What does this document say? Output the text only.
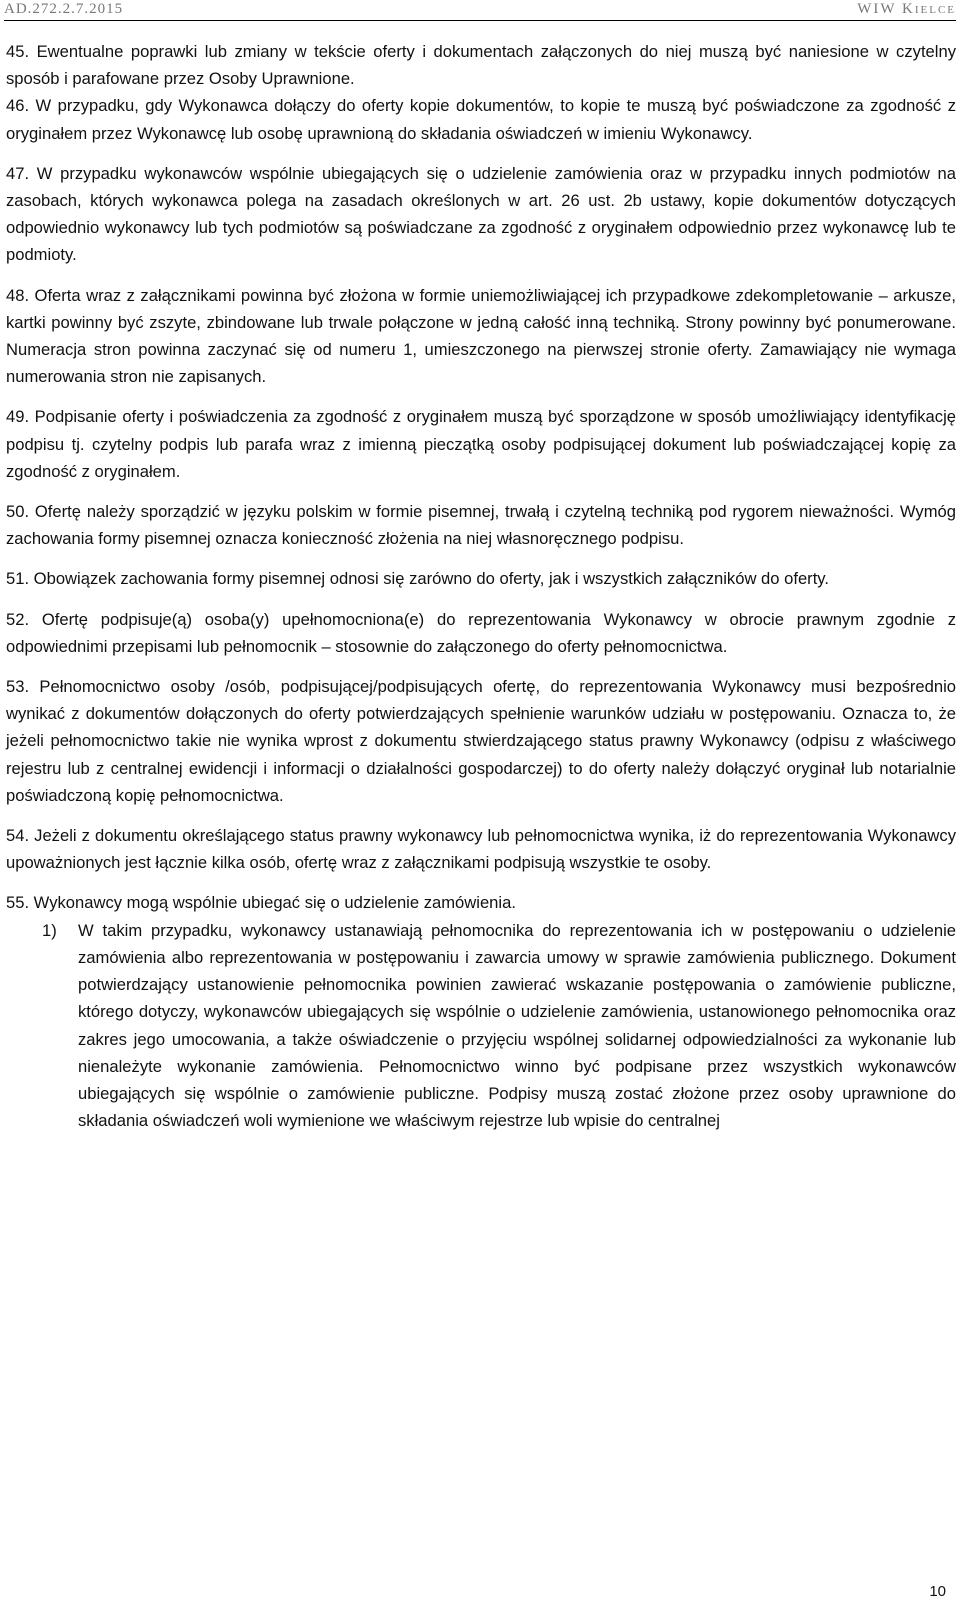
AD.272.2.7.2015	WIW Kielce

45. Ewentualne poprawki lub zmiany w tekście oferty i dokumentach załączonych do niej muszą być naniesione w czytelny sposób i parafowane przez Osoby Uprawnione.

46. W przypadku, gdy Wykonawca dołączy do oferty kopie dokumentów, to kopie te muszą być poświadczone za zgodność z oryginałem przez Wykonawcę lub osobę uprawnioną do składania oświadczeń w imieniu Wykonawcy.

47. W przypadku wykonawców wspólnie ubiegających się o udzielenie zamówienia oraz w przypadku innych podmiotów na zasobach, których wykonawca polega na zasadach określonych w art. 26 ust. 2b ustawy, kopie dokumentów dotyczących odpowiednio wykonawcy lub tych podmiotów są poświadczane za zgodność z oryginałem odpowiednio przez wykonawcę lub te podmioty.

48. Oferta wraz z załącznikami powinna być złożona w formie uniemożliwiającej ich przypadkowe zdekompletowanie – arkusze, kartki powinny być zszyte, zbindowane lub trwale połączone w jedną całość inną techniką. Strony powinny być ponumerowane. Numeracja stron powinna zaczynać się od numeru 1, umieszczonego na pierwszej stronie oferty. Zamawiający nie wymaga numerowania stron nie zapisanych.

49. Podpisanie oferty i poświadczenia za zgodność z oryginałem muszą być sporządzone w sposób umożliwiający identyfikację podpisu tj. czytelny podpis lub parafa wraz z imienną pieczątką osoby podpisującej dokument lub poświadczającej kopię za zgodność z oryginałem.

50. Ofertę należy sporządzić w języku polskim w formie pisemnej, trwałą i czytelną techniką pod rygorem nieważności. Wymóg zachowania formy pisemnej oznacza konieczność złożenia na niej własnoręcznego podpisu.

51. Obowiązek zachowania formy pisemnej odnosi się zarówno do oferty, jak i wszystkich załączników do oferty.

52. Ofertę podpisuje(ą) osoba(y) upełnomocniona(e) do reprezentowania Wykonawcy w obrocie prawnym zgodnie z odpowiednimi przepisami lub pełnomocnik – stosownie do załączonego do oferty pełnomocnictwa.

53. Pełnomocnictwo osoby /osób, podpisującej/podpisujących ofertę, do reprezentowania Wykonawcy musi bezpośrednio wynikać z dokumentów dołączonych do oferty potwierdzających spełnienie warunków udziału w postępowaniu. Oznacza to, że jeżeli pełnomocnictwo takie nie wynika wprost z dokumentu stwierdzającego status prawny Wykonawcy (odpisu z właściwego rejestru lub z centralnej ewidencji i informacji o działalności gospodarczej) to do oferty należy dołączyć oryginał lub notarialnie poświadczoną kopię pełnomocnictwa.

54. Jeżeli z dokumentu określającego status prawny wykonawcy lub pełnomocnictwa wynika, iż do reprezentowania Wykonawcy upoważnionych jest łącznie kilka osób, ofertę wraz z załącznikami podpisują wszystkie te osoby.

55. Wykonawcy mogą wspólnie ubiegać się o udzielenie zamówienia.

1) W takim przypadku, wykonawcy ustanawiają pełnomocnika do reprezentowania ich w postępowaniu o udzielenie zamówienia albo reprezentowania w postępowaniu i zawarcia umowy w sprawie zamówienia publicznego. Dokument potwierdzający ustanowienie pełnomocnika powinien zawierać wskazanie postępowania o zamówienie publiczne, którego dotyczy, wykonawców ubiegających się wspólnie o udzielenie zamówienia, ustanowionego pełnomocnika oraz zakres jego umocowania, a także oświadczenie o przyjęciu wspólnej solidarnej odpowiedzialności za wykonanie lub nienależyte wykonanie zamówienia. Pełnomocnictwo winno być podpisane przez wszystkich wykonawców ubiegających się wspólnie o zamówienie publiczne. Podpisy muszą zostać złożone przez osoby uprawnione do składania oświadczeń woli wymienione we właściwym rejestrze lub wpisie do centralnej

10
